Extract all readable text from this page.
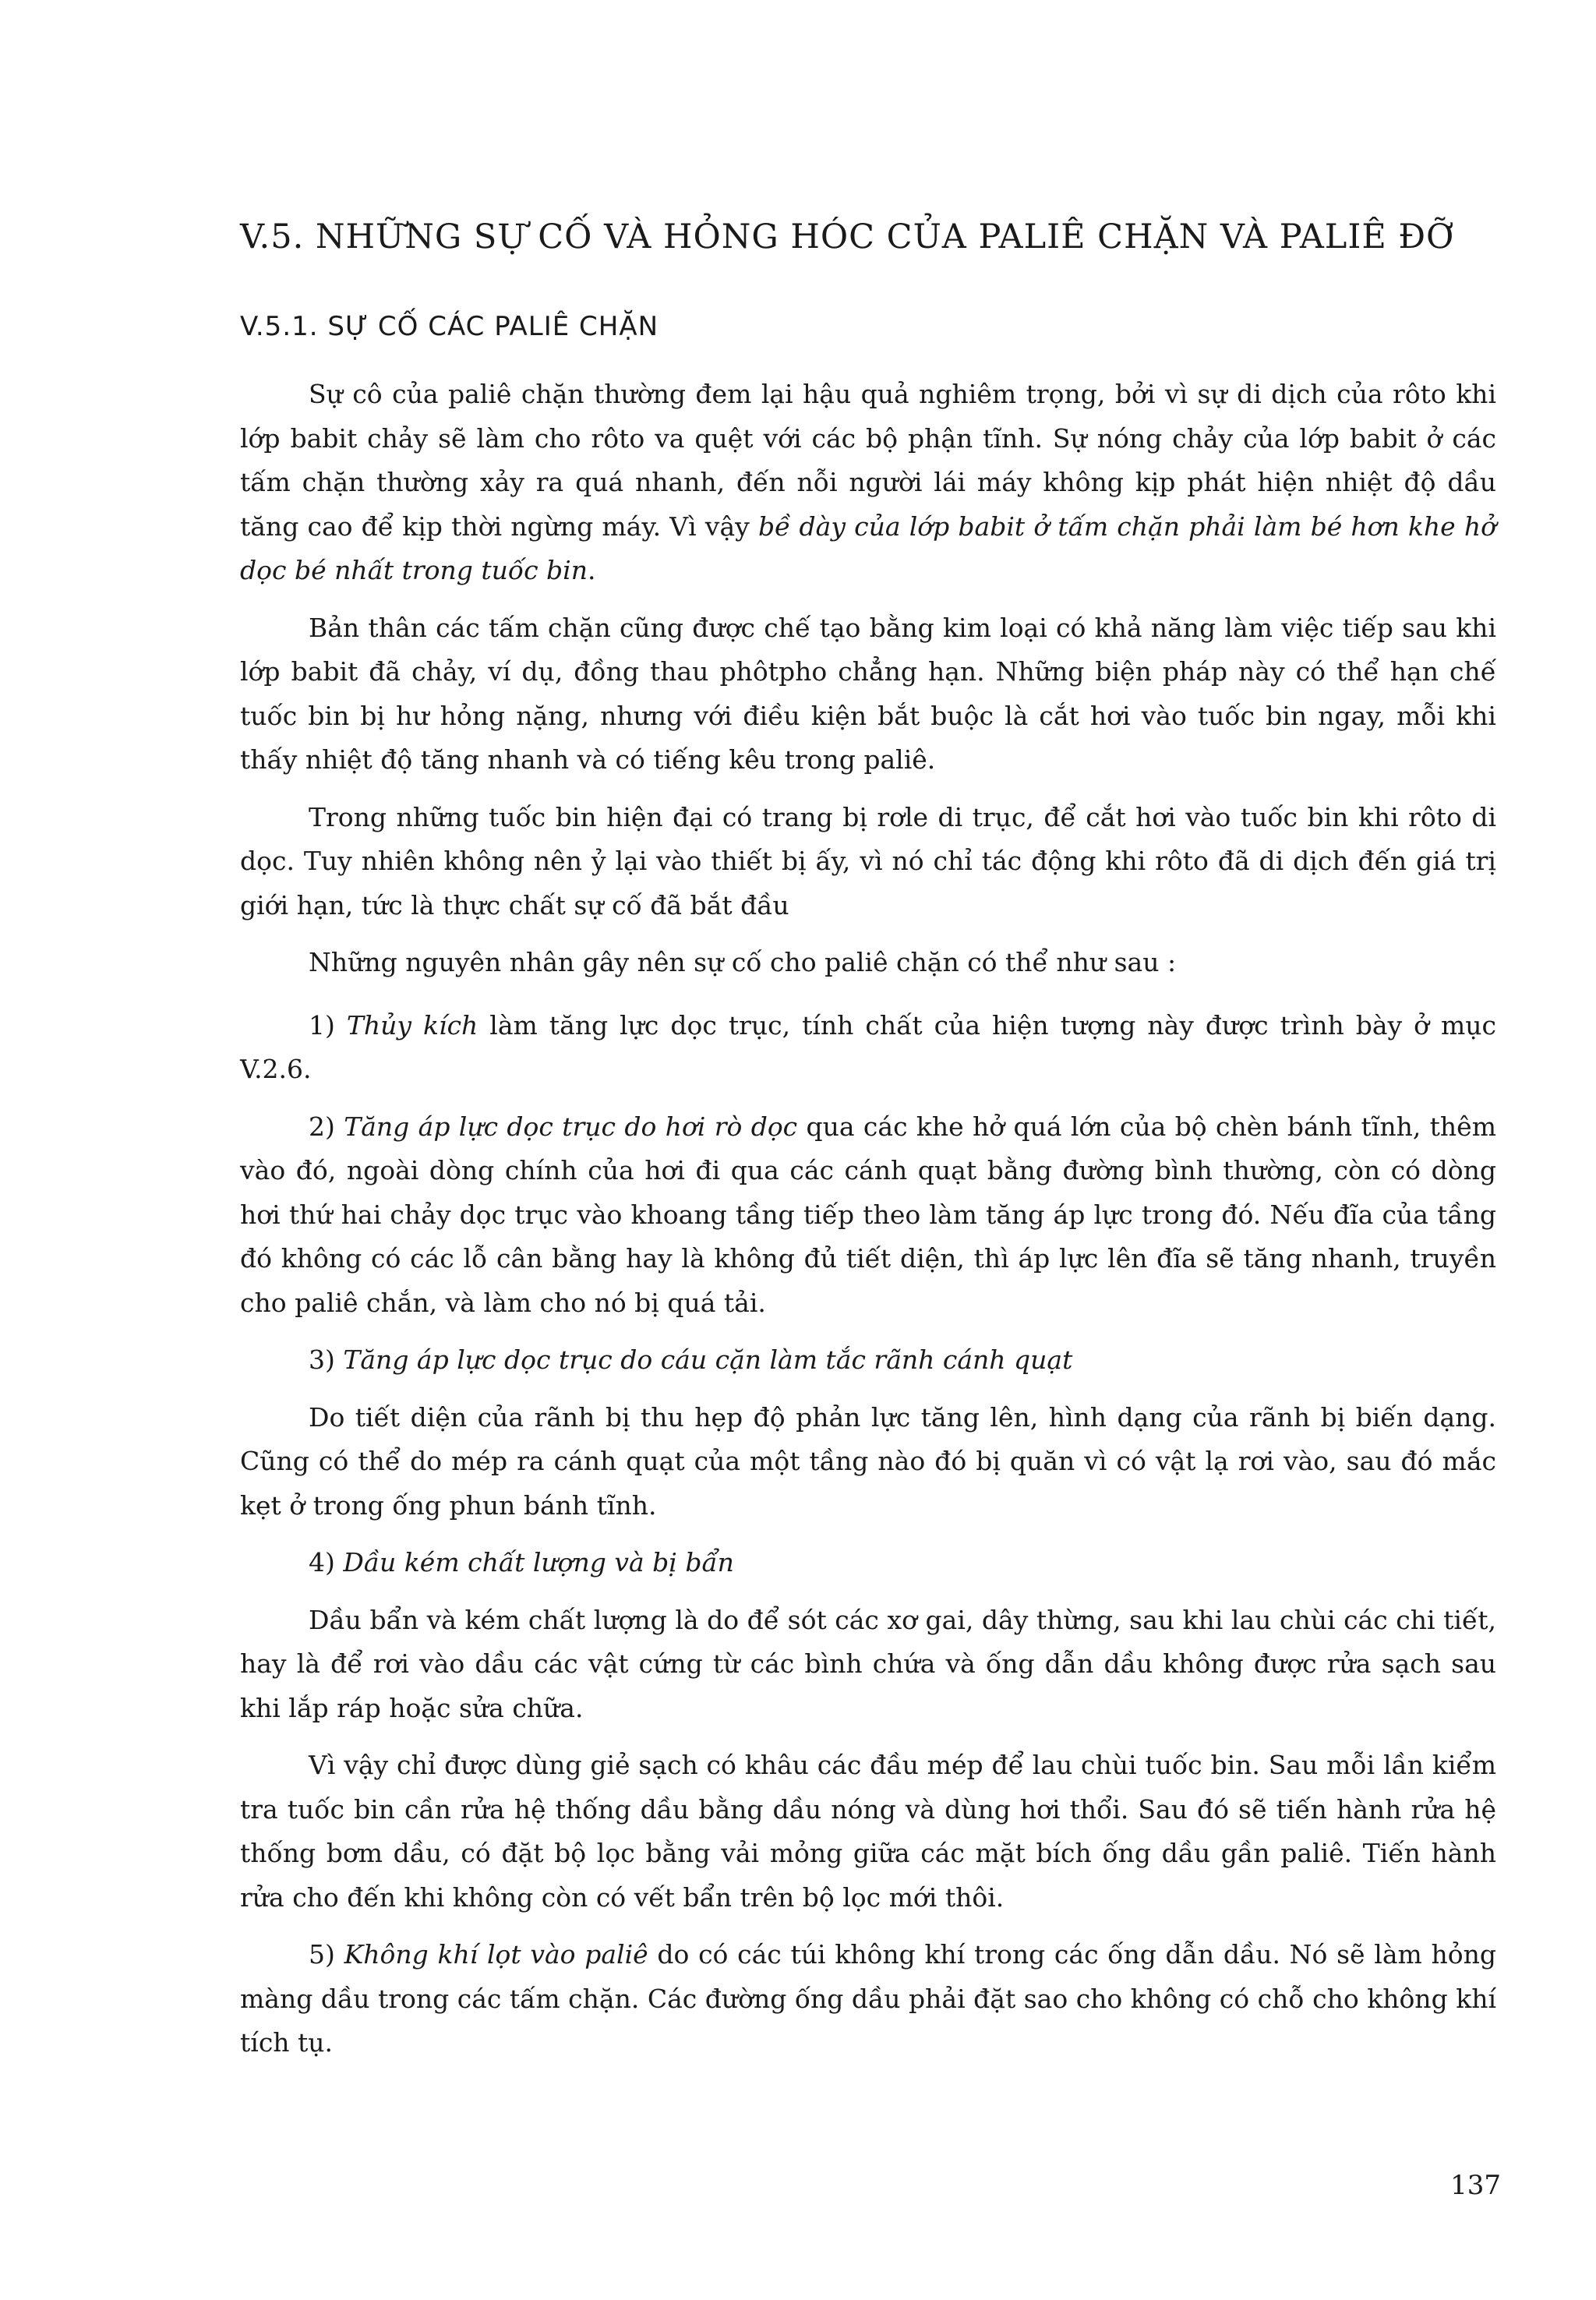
V.5. NHỮNG SỰ CỐ VÀ HỎNG HÓC CỦA PALIÊ CHẶN VÀ PALIÊ ĐỠ
V.5.1. SỰ CỐ CÁC PALIÊ CHẶN

Sự cô của paliê chặn thường đem lại hậu quả nghiêm trọng, bởi vì sự di dịch của rôto khi lớp babit chảy sẽ làm cho rôto va quệt với các bộ phận tĩnh. Sự nóng chảy của lớp babit ở các tấm chặn thường xảy ra quá nhanh, đến nỗi người lái máy không kịp phát hiện nhiệt độ dầu tăng cao để kịp thời ngừng máy. Vì vậy bề dày của lớp babit ở tấm chặn phải làm bé hơn khe hở dọc bé nhất trong tuốc bin.

Bản thân các tấm chặn cũng được chế tạo bằng kim loại có khả năng làm việc tiếp sau khi lớp babit đã chảy, ví dụ, đồng thau phôtpho chẳng hạn. Những biện pháp này có thể hạn chế tuốc bin bị hư hỏng nặng, nhưng với điều kiện bắt buộc là cắt hơi vào tuốc bin ngay, mỗi khi thấy nhiệt độ tăng nhanh và có tiếng kêu trong paliê.

Trong những tuốc bin hiện đại có trang bị rơle di trục, để cắt hơi vào tuốc bin khi rôto di dọc. Tuy nhiên không nên ỷ lại vào thiết bị ấy, vì nó chỉ tác động khi rôto đã di dịch đến giá trị giới hạn, tức là thực chất sự cố đã bắt đầu

Những nguyên nhân gây nên sự cố cho paliê chặn có thể như sau :

1) Thủy kích làm tăng lực dọc trục, tính chất của hiện tượng này được trình bày ở mục V.2.6.

2) Tăng áp lực dọc trục do hơi rò dọc qua các khe hở quá lớn của bộ chèn bánh tĩnh, thêm vào đó, ngoài dòng chính của hơi đi qua các cánh quạt bằng đường bình thường, còn có dòng hơi thứ hai chảy dọc trục vào khoang tầng tiếp theo làm tăng áp lực trong đó. Nếu đĩa của tầng đó không có các lỗ cân bằng hay là không đủ tiết diện, thì áp lực lên đĩa sẽ tăng nhanh, truyền cho paliê chắn, và làm cho nó bị quá tải.

3) Tăng áp lực dọc trục do cáu cặn làm tắc rãnh cánh quạt

Do tiết diện của rãnh bị thu hẹp độ phản lực tăng lên, hình dạng của rãnh bị biến dạng. Cũng có thể do mép ra cánh quạt của một tầng nào đó bị quăn vì có vật lạ rơi vào, sau đó mắc kẹt ở trong ống phun bánh tĩnh.

4) Dầu kém chất lượng và bị bẩn

Dầu bẩn và kém chất lượng là do để sót các xơ gai, dây thừng, sau khi lau chùi các chi tiết, hay là để rơi vào dầu các vật cứng từ các bình chứa và ống dẫn dầu không được rửa sạch sau khi lắp ráp hoặc sửa chữa.

Vì vậy chỉ được dùng giẻ sạch có khâu các đầu mép để lau chùi tuốc bin. Sau mỗi lần kiểm tra tuốc bin cần rửa hệ thống dầu bằng dầu nóng và dùng hơi thổi. Sau đó sẽ tiến hành rửa hệ thống bơm dầu, có đặt bộ lọc bằng vải mỏng giữa các mặt bích ống dầu gần paliê. Tiến hành rửa cho đến khi không còn có vết bẩn trên bộ lọc mới thôi.

5) Không khí lọt vào paliê do có các túi không khí trong các ống dẫn dầu. Nó sẽ làm hỏng màng dầu trong các tấm chặn. Các đường ống dầu phải đặt sao cho không có chỗ cho không khí tích tụ.

137
